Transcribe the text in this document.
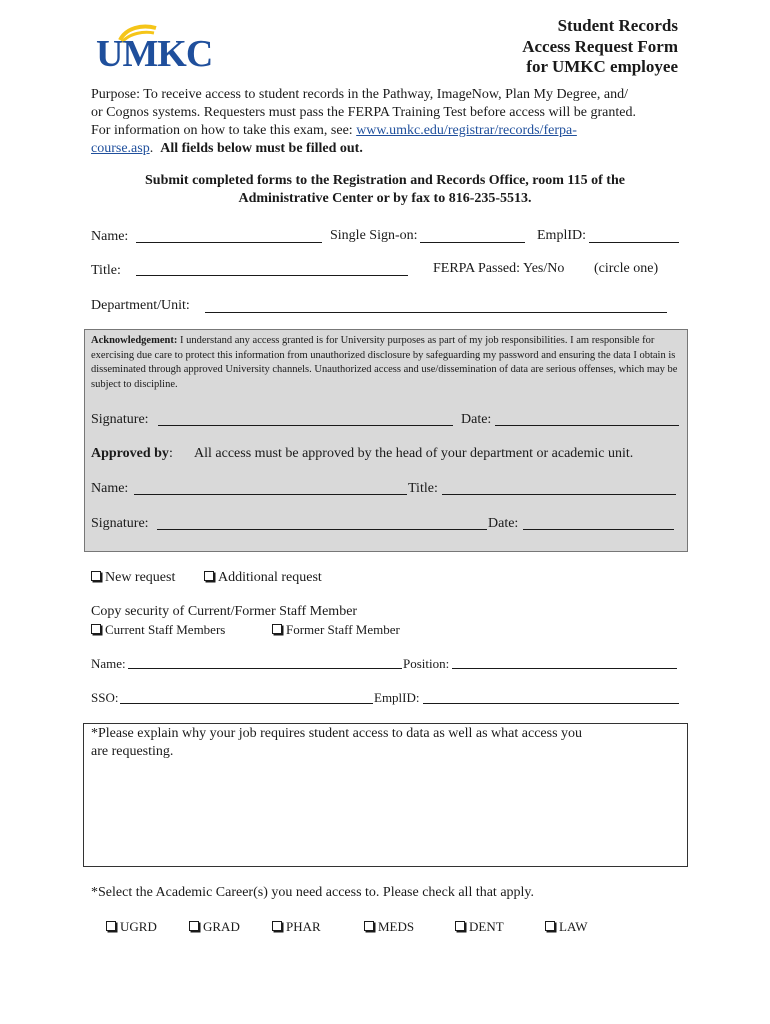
UMKC
Student Records
Access Request Form
for UMKC employee
Purpose: To receive access to student records in the Pathway, ImageNow, Plan My Degree, and/
or Cognos systems. Requesters must pass the FERPA Training Test before access will be granted.
For information on how to take this exam, see: www.umkc.edu/registrar/records/ferpa-
course.asp. All fields below must be filled out.
Submit completed forms to the Registration and Records Office, room 115 of the
Administrative Center or by fax to 816-235-5513.
Name:	Single Sign-on:	EmplID:
Title:	FERPA Passed: Yes/No (circle one)
Department/Unit:
Acknowledgement: I understand any access granted is for University purposes as part of my job responsibilities. I am responsible for exercising due care to protect this information from unauthorized disclosure by safeguarding my password and ensuring the data I obtain is disseminated through approved University channels. Unauthorized access and use/dissemination of data are serious offenses, which may be subject to discipline.
Signature:	Date:
Approved by: All access must be approved by the head of your department or academic unit.
Name:	Title:
Signature:	Date:
New request	Additional request
Copy security of Current/Former Staff Member
Current Staff Members	Former Staff Member
Name:	Position:
SSO:	EmplID:
*Please explain why your job requires student access to data as well as what access you
are requesting.
*Select the Academic Career(s) you need access to. Please check all that apply.
UGRD	GRAD	PHAR	MEDS	DENT	LAW
